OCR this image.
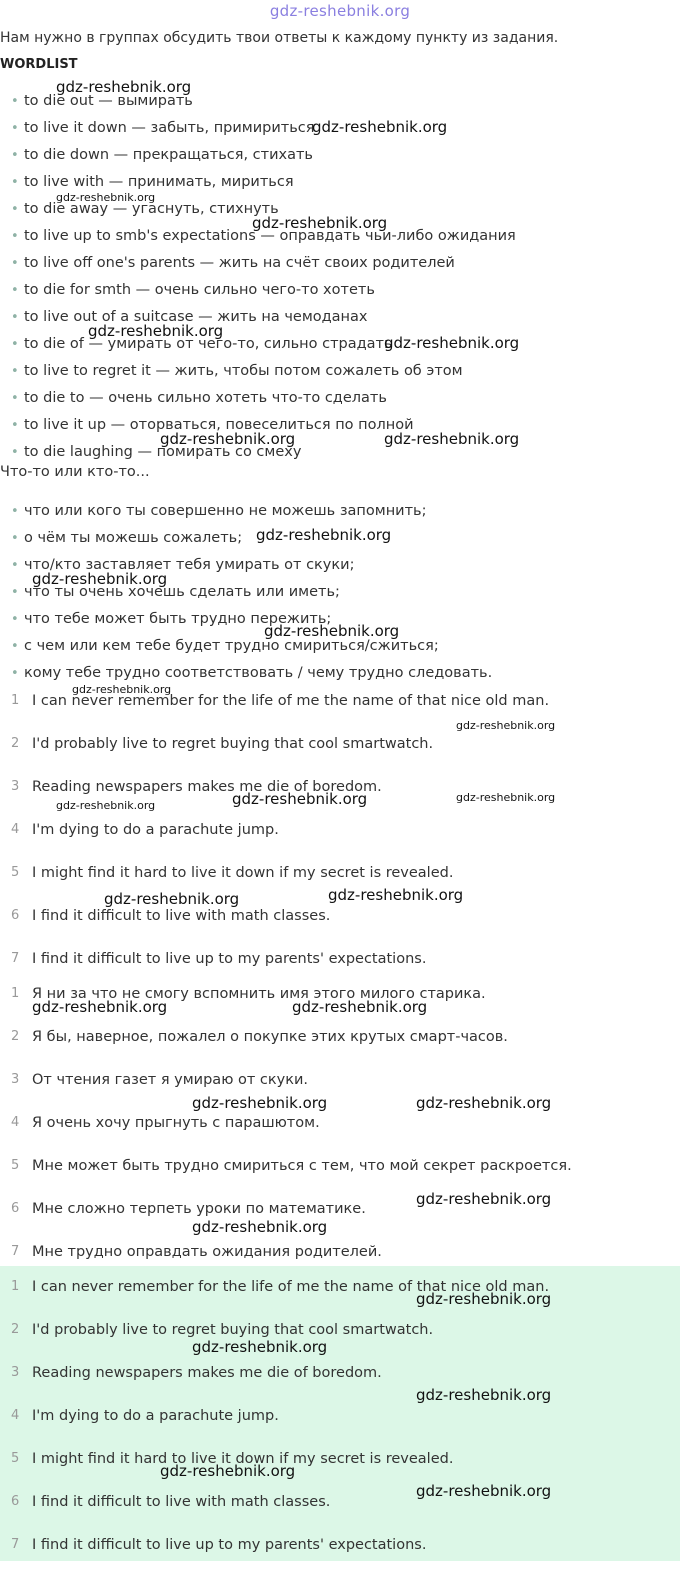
gdz-reshebnik.org
Нам нужно в группах обсудить твои ответы к каждому пункту из задания.
WORDLIST
• to die out — вымирать
• to live it down — забыть, примириться
• to die down — прекращаться, стихать
• to live with — принимать, мириться
• to die away — угаснуть, стихнуть
• to live up to smb's expectations — оправдать чьи-либо ожидания
• to live off one's parents — жить на счёт своих родителей
• to die for smth — очень сильно чего-то хотеть
• to live out of a suitcase — жить на чемоданах
• to die of — умирать от чего-то, сильно страдать
• to live to regret it — жить, чтобы потом сожалеть об этом
• to die to — очень сильно хотеть что-то сделать
• to live it up — оторваться, повеселиться по полной
• to die laughing — помирать со смеху
Что-то или кто-то...
• что или кого ты совершенно не можешь запомнить;
• о чём ты можешь сожалеть;
• что/кто заставляет тебя умирать от скуки;
• что ты очень хочешь сделать или иметь;
• что тебе может быть трудно пережить;
• с чем или кем тебе будет трудно смириться/сжиться;
• кому тебе трудно соответствовать / чему трудно следовать.
1 I can never remember for the life of me the name of that nice old man.
2 I'd probably live to regret buying that cool smartwatch.
3 Reading newspapers makes me die of boredom.
4 I'm dying to do a parachute jump.
5 I might find it hard to live it down if my secret is revealed.
6 I find it difficult to live with math classes.
7 I find it difficult to live up to my parents' expectations.
1 Я ни за что не смогу вспомнить имя этого милого старика.
2 Я бы, наверное, пожалел о покупке этих крутых смарт-часов.
3 От чтения газет я умираю от скуки.
4 Я очень хочу прыгнуть с парашютом.
5 Мне может быть трудно смириться с тем, что мой секрет раскроется.
6 Мне сложно терпеть уроки по математике.
7 Мне трудно оправдать ожидания родителей.
1 I can never remember for the life of me the name of that nice old man.
2 I'd probably live to regret buying that cool smartwatch.
3 Reading newspapers makes me die of boredom.
4 I'm dying to do a parachute jump.
5 I might find it hard to live it down if my secret is revealed.
6 I find it difficult to live with math classes.
7 I find it difficult to live up to my parents' expectations.
gdz-reshebnik.org
gdz-reshebnik.org
gdz-reshebnik.org
gdz-reshebnik.org
gdz-reshebnik.org
gdz-reshebnik.org
gdz-reshebnik.org	gdz-reshebnik.org
gdz-reshebnik.org
gdz-reshebnik.org
gdz-reshebnik.org
gdz-reshebnik.org
gdz-reshebnik.org
gdz-reshebnik.org	gdz-reshebnik.org	gdz-reshebnik.org
gdz-reshebnik.org
gdz-reshebnik.org
gdz-reshebnik.org	gdz-reshebnik.org
gdz-reshebnik.org	gdz-reshebnik.org
gdz-reshebnik.org
gdz-reshebnik.org
gdz-reshebnik.org
gdz-reshebnik.org
gdz-reshebnik.org
gdz-reshebnik.org
gdz-reshebnik.org
